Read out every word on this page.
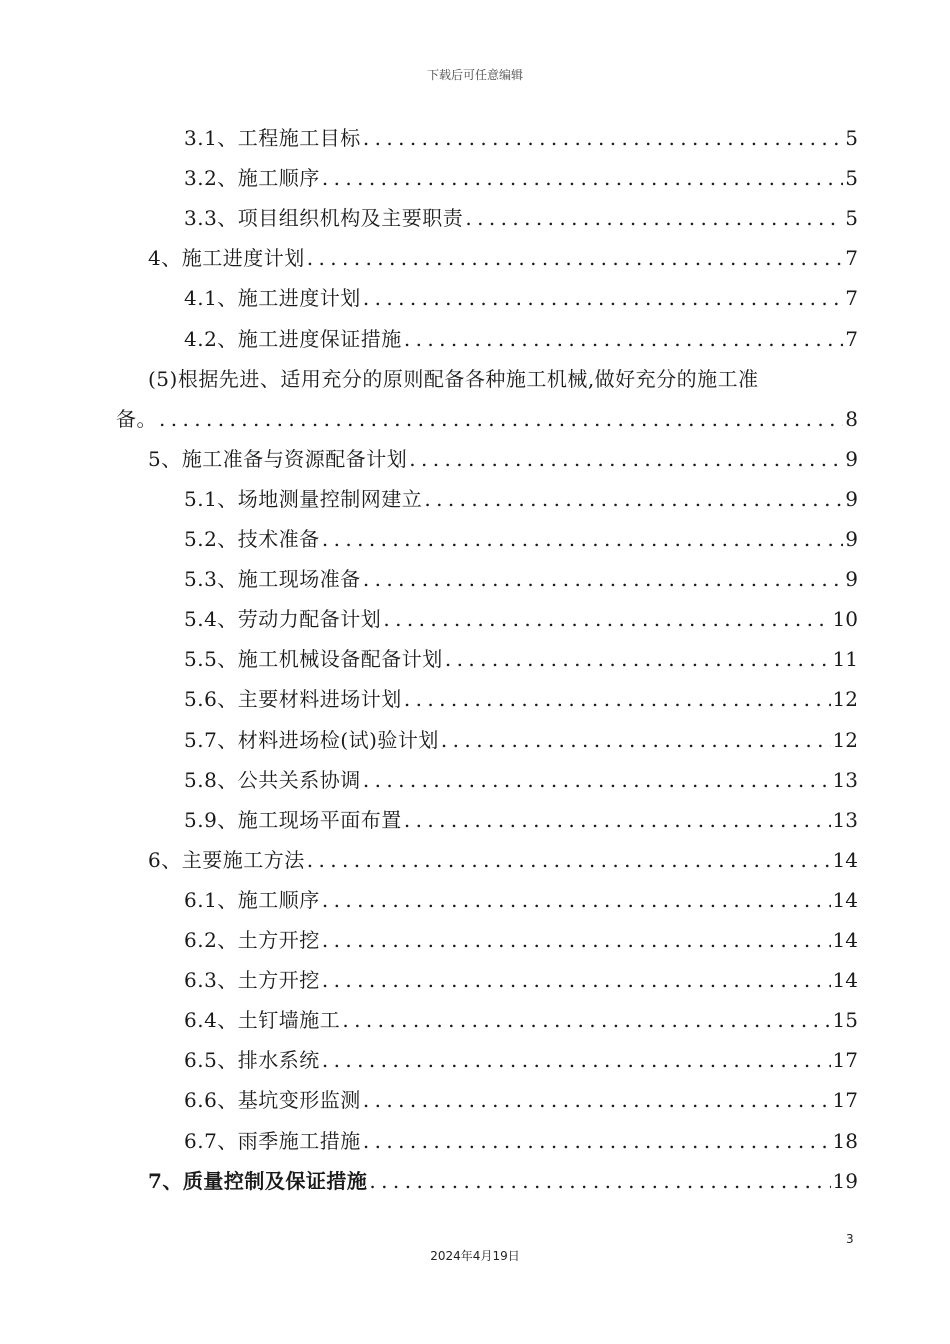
下载后可任意编辑
3.1、工程施工目标 .....	5
3.2、施工顺序 .....	5
3.3、项目组织机构及主要职责 .....	5
4、施工进度计划 .....	7
4.1、施工进度计划 .....	7
4.2、施工进度保证措施 .....	7
(5)根据先进、适用充分的原则配备各种施工机械,做好充分的施工准
备。 .....	8
5、施工准备与资源配备计划 .....	9
5.1、场地测量控制网建立 .....	9
5.2、技术准备 .....	9
5.3、施工现场准备 .....	9
5.4、劳动力配备计划 .....	10
5.5、施工机械设备配备计划 .....	11
5.6、主要材料进场计划 .....	12
5.7、材料进场检(试)验计划 .....	12
5.8、公共关系协调 .....	13
5.9、施工现场平面布置 .....	13
6、主要施工方法 .....	14
6.1、施工顺序 .....	14
6.2、土方开挖 .....	14
6.3、土方开挖 .....	14
6.4、土钉墙施工 .....	15
6.5、排水系统 .....	17
6.6、基坑变形监测 .....	17
6.7、雨季施工措施 .....	18
7、质量控制及保证措施 .....	19
3
2024年4月19日
